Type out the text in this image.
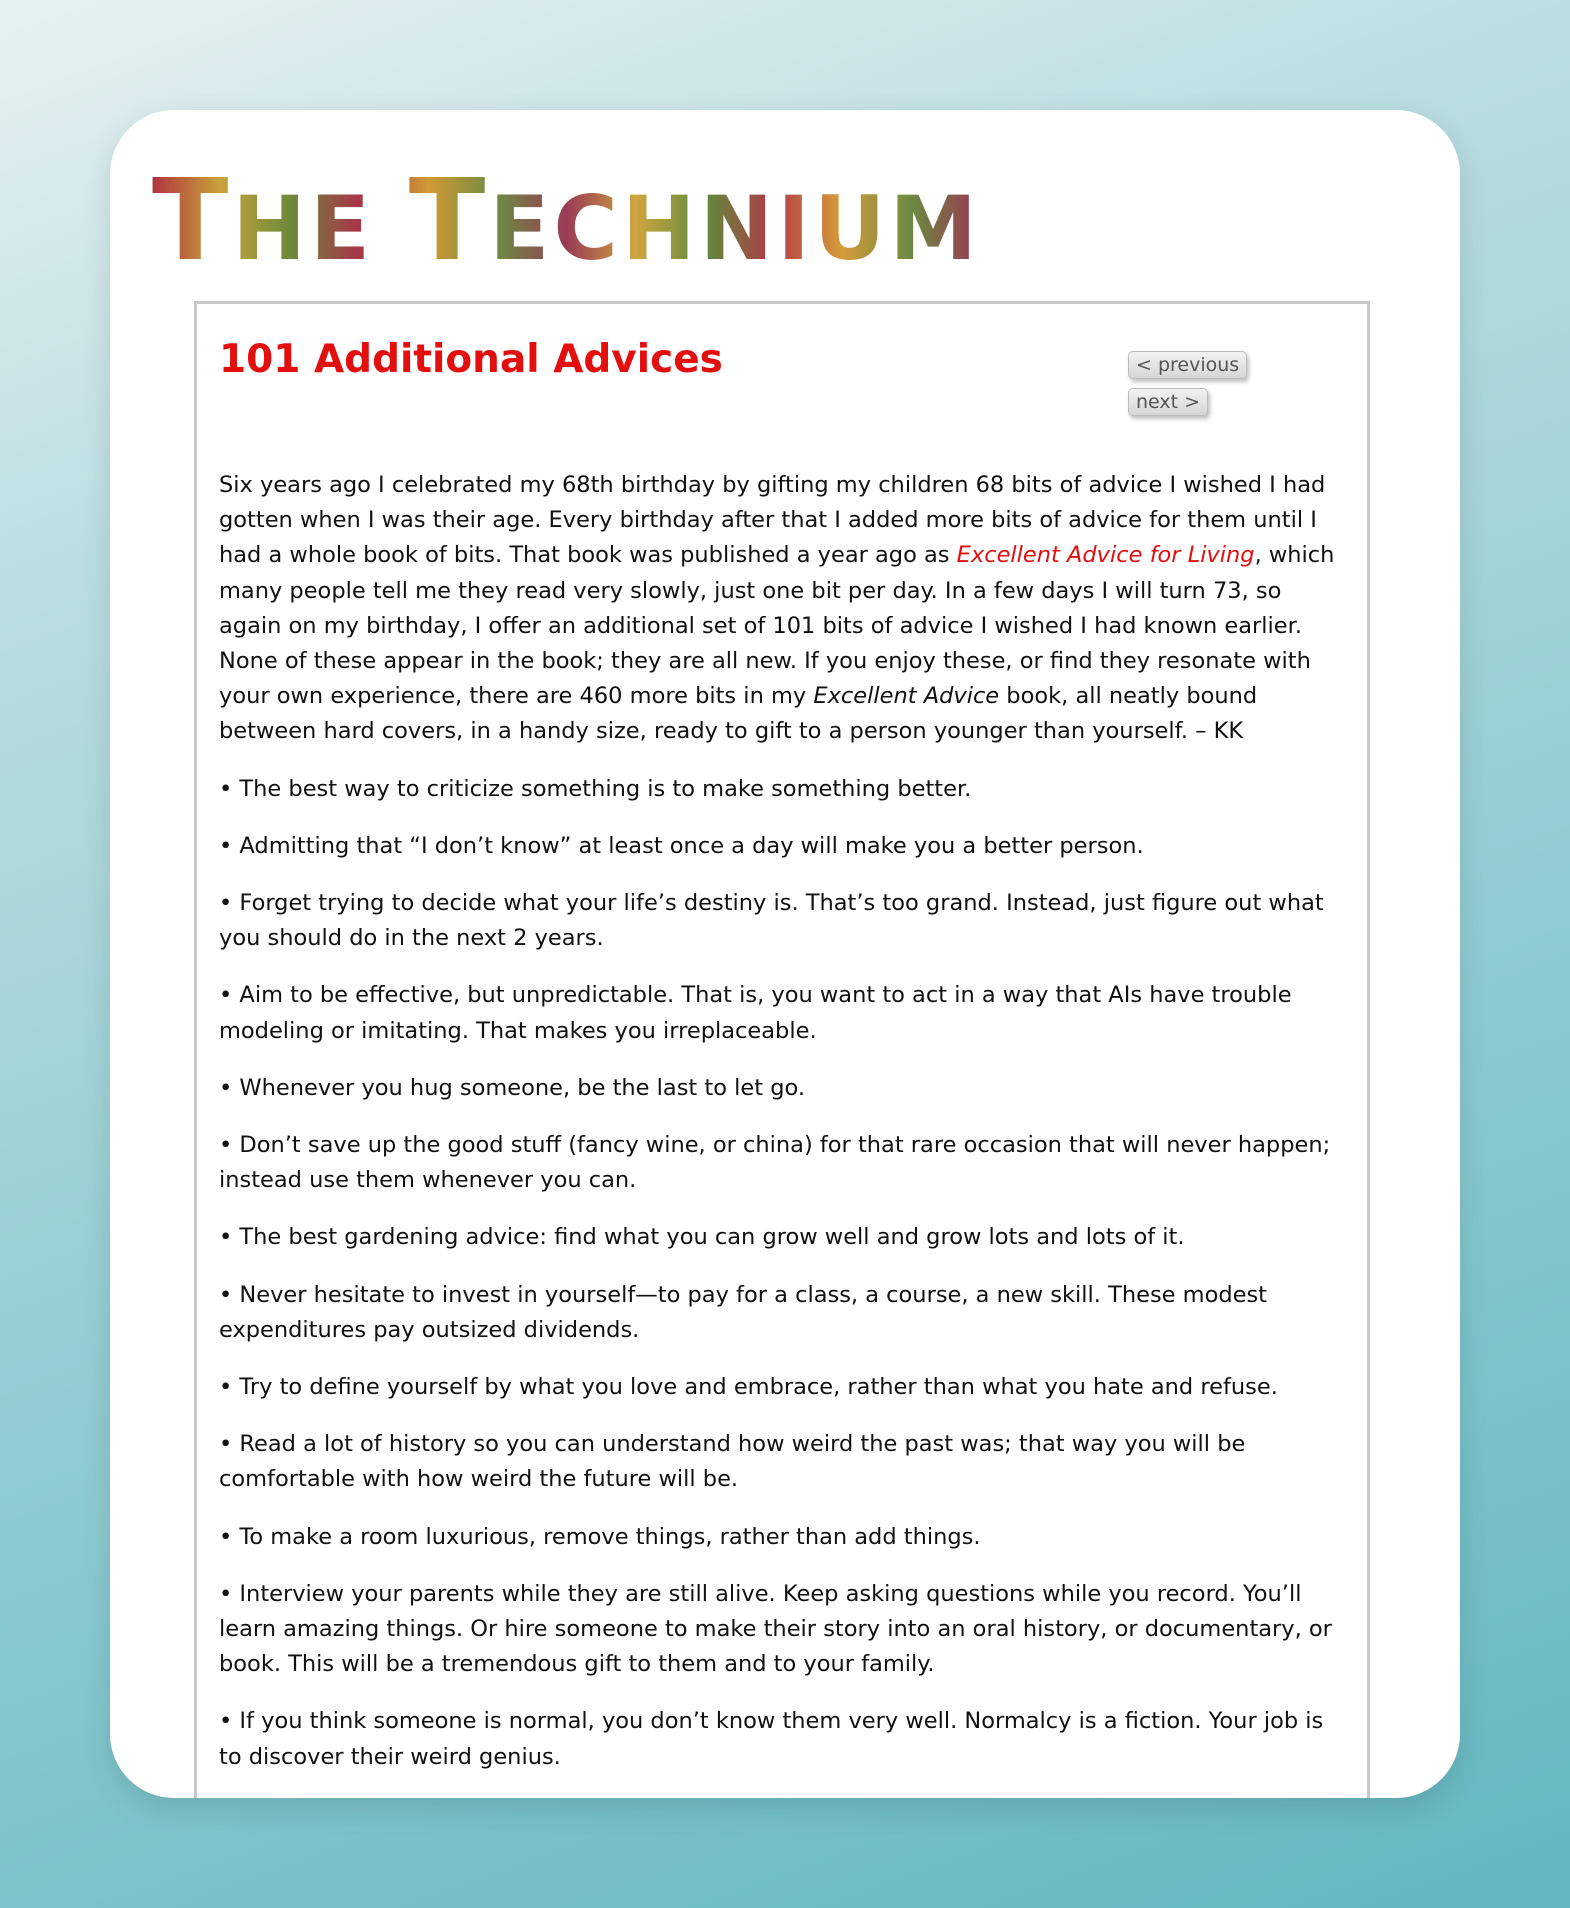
THE TECHNIUM
101 Additional Advices	< previous
next >

Six years ago I celebrated my 68th birthday by gifting my children 68 bits of advice I wished I had gotten when I was their age. Every birthday after that I added more bits of advice for them until I had a whole book of bits. That book was published a year ago as Excellent Advice for Living, which many people tell me they read very slowly, just one bit per day. In a few days I will turn 73, so again on my birthday, I offer an additional set of 101 bits of advice I wished I had known earlier. None of these appear in the book; they are all new. If you enjoy these, or find they resonate with your own experience, there are 460 more bits in my Excellent Advice book, all neatly bound between hard covers, in a handy size, ready to gift to a person younger than yourself. – KK

• The best way to criticize something is to make something better.

• Admitting that “I don’t know” at least once a day will make you a better person.

• Forget trying to decide what your life’s destiny is. That’s too grand. Instead, just figure out what you should do in the next 2 years.

• Aim to be effective, but unpredictable. That is, you want to act in a way that AIs have trouble modeling or imitating. That makes you irreplaceable.

• Whenever you hug someone, be the last to let go.

• Don’t save up the good stuff (fancy wine, or china) for that rare occasion that will never happen; instead use them whenever you can.

• The best gardening advice: find what you can grow well and grow lots and lots of it.

• Never hesitate to invest in yourself—to pay for a class, a course, a new skill. These modest expenditures pay outsized dividends.

• Try to define yourself by what you love and embrace, rather than what you hate and refuse.

• Read a lot of history so you can understand how weird the past was; that way you will be comfortable with how weird the future will be.

• To make a room luxurious, remove things, rather than add things.

• Interview your parents while they are still alive. Keep asking questions while you record. You’ll learn amazing things. Or hire someone to make their story into an oral history, or documentary, or book. This will be a tremendous gift to them and to your family.

• If you think someone is normal, you don’t know them very well. Normalcy is a fiction. Your job is to discover their weird genius.
